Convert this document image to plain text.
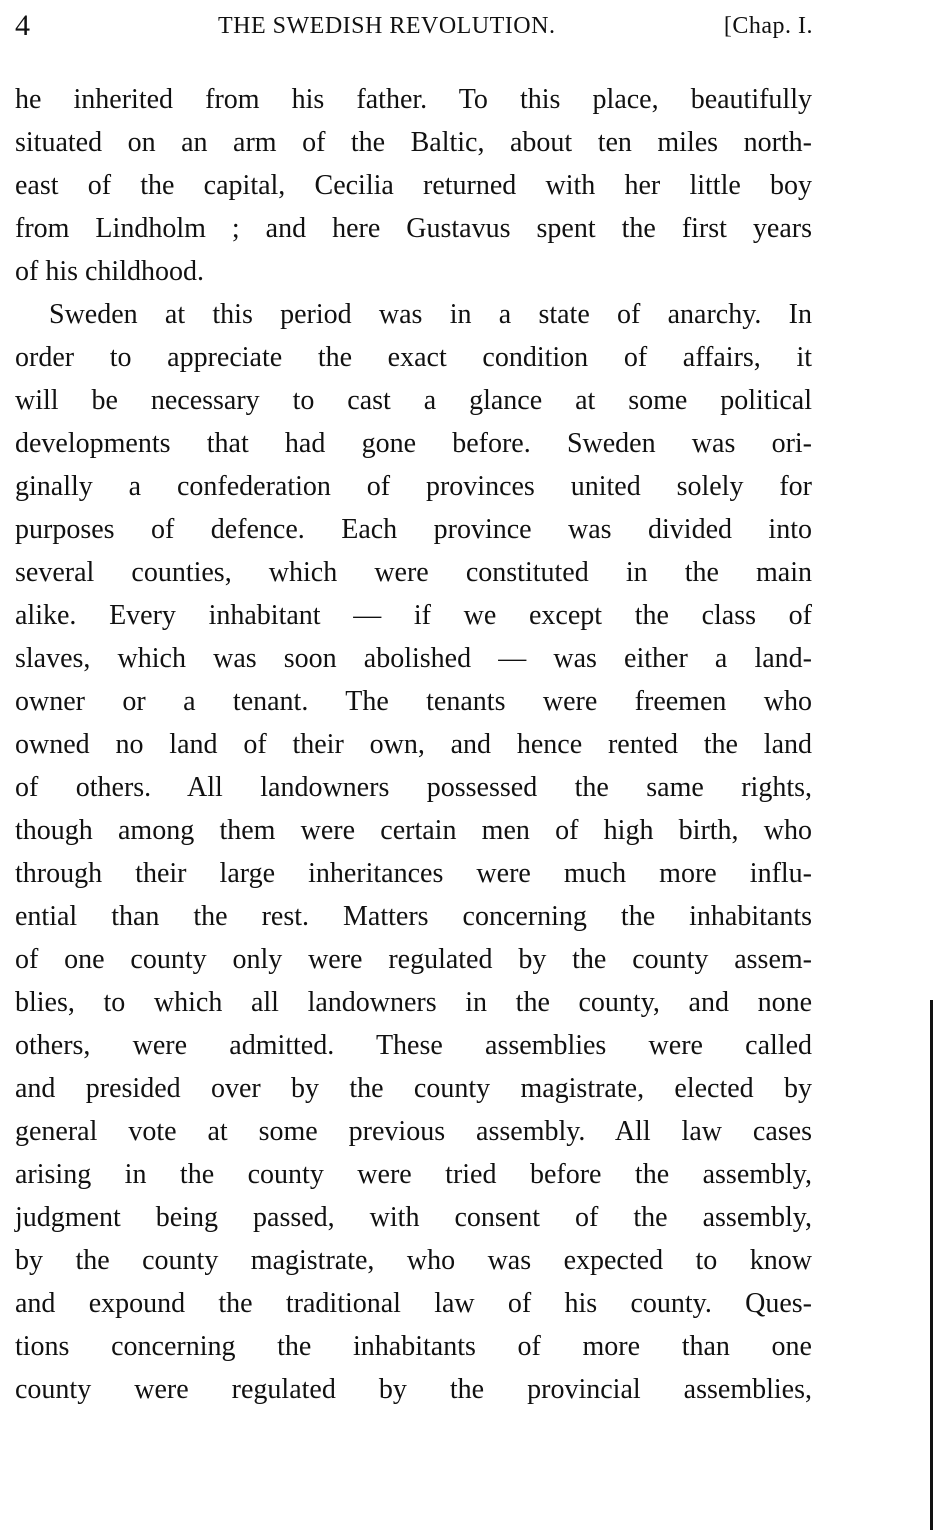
4	THE SWEDISH REVOLUTION.	[Chap. I.
he inherited from his father. To this place, beautifully
situated on an arm of the Baltic, about ten miles north-
east of the capital, Cecilia returned with her little boy
from Lindholm ; and here Gustavus spent the first years
of his childhood.
Sweden at this period was in a state of anarchy. In
order to appreciate the exact condition of affairs, it
will be necessary to cast a glance at some political
developments that had gone before. Sweden was ori-
ginally a confederation of provinces united solely for
purposes of defence. Each province was divided into
several counties, which were constituted in the main
alike. Every inhabitant — if we except the class of
slaves, which was soon abolished — was either a land-
owner or a tenant. The tenants were freemen who
owned no land of their own, and hence rented the land
of others. All landowners possessed the same rights,
though among them were certain men of high birth, who
through their large inheritances were much more influ-
ential than the rest. Matters concerning the inhabitants
of one county only were regulated by the county assem-
blies, to which all landowners in the county, and none
others, were admitted. These assemblies were called
and presided over by the county magistrate, elected by
general vote at some previous assembly. All law cases
arising in the county were tried before the assembly,
judgment being passed, with consent of the assembly,
by the county magistrate, who was expected to know
and expound the traditional law of his county. Ques-
tions concerning the inhabitants of more than one
county were regulated by the provincial assemblies,
